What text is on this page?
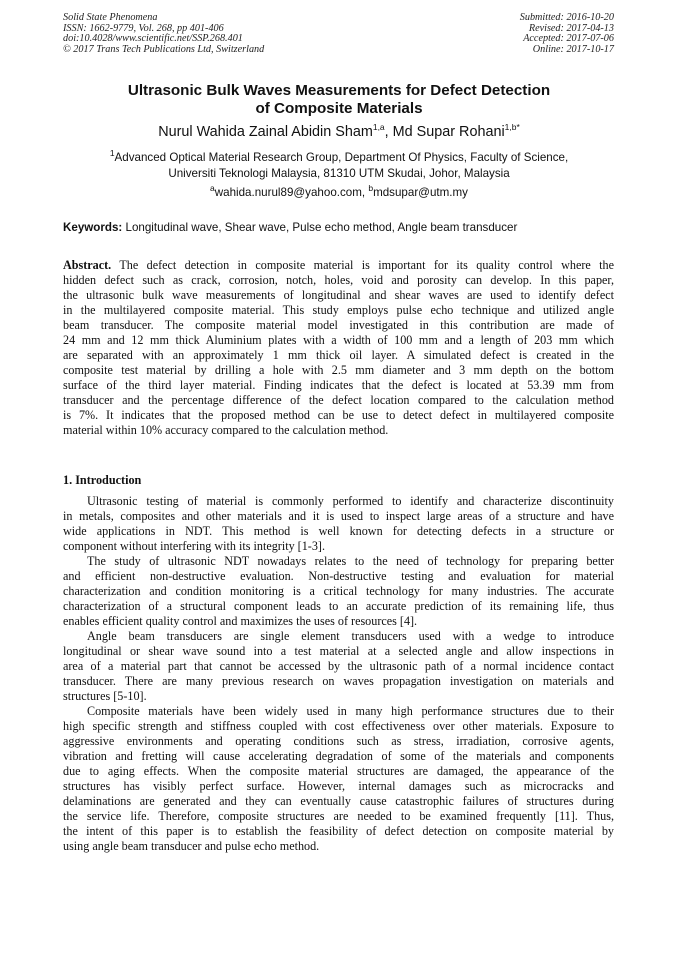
Solid State Phenomena
ISSN: 1662-9779, Vol. 268, pp 401-406
doi:10.4028/www.scientific.net/SSP.268.401
© 2017 Trans Tech Publications Ltd, Switzerland
Submitted: 2016-10-20
Revised: 2017-04-13
Accepted: 2017-07-06
Online: 2017-10-17
Ultrasonic Bulk Waves Measurements for Defect Detection
of Composite Materials
Nurul Wahida Zainal Abidin Sham$^{1,a}$, Md Supar Rohani$^{1,b*}$
$^1$Advanced Optical Material Research Group, Department Of Physics, Faculty of Science,
Universiti Teknologi Malaysia, 81310 UTM Skudai, Johor, Malaysia
$^a$wahida.nurul89@yahoo.com, $^b$mdsupar@utm.my
Keywords: Longitudinal wave, Shear wave, Pulse echo method, Angle beam transducer
Abstract. The defect detection in composite material is important for its quality control where the
hidden defect such as crack, corrosion, notch, holes, void and porosity can develop. In this paper,
the ultrasonic bulk wave measurements of longitudinal and shear waves are used to identify defect
in the multilayered composite material. This study employs pulse echo technique and utilized angle
beam transducer. The composite material model investigated in this contribution are made of
24 mm and 12 mm thick Aluminium plates with a width of 100 mm and a length of 203 mm which
are separated with an approximately 1 mm thick oil layer. A simulated defect is created in the
composite test material by drilling a hole with 2.5 mm diameter and 3 mm depth on the bottom
surface of the third layer material. Finding indicates that the defect is located at 53.39 mm from
transducer and the percentage difference of the defect location compared to the calculation method
is 7%. It indicates that the proposed method can be use to detect defect in multilayered composite
material within 10% accuracy compared to the calculation method.
1. Introduction
Ultrasonic testing of material is commonly performed to identify and characterize discontinuity
in metals, composites and other materials and it is used to inspect large areas of a structure and have
wide applications in NDT. This method is well known for detecting defects in a structure or
component without interfering with its integrity [1-3].
The study of ultrasonic NDT nowadays relates to the need of technology for preparing better
and efficient non-destructive evaluation. Non-destructive testing and evaluation for material
characterization and condition monitoring is a critical technology for many industries. The accurate
characterization of a structural component leads to an accurate prediction of its remaining life, thus
enables efficient quality control and maximizes the uses of resources [4].
Angle beam transducers are single element transducers used with a wedge to introduce
longitudinal or shear wave sound into a test material at a selected angle and allow inspections in
area of a material part that cannot be accessed by the ultrasonic path of a normal incidence contact
transducer. There are many previous research on waves propagation investigation on materials and
structures [5-10].
Composite materials have been widely used in many high performance structures due to their
high specific strength and stiffness coupled with cost effectiveness over other materials. Exposure to
aggressive environments and operating conditions such as stress, irradiation, corrosive agents,
vibration and fretting will cause accelerating degradation of some of the materials and components
due to aging effects. When the composite material structures are damaged, the appearance of the
structures has visibly perfect surface. However, internal damages such as microcracks and
delaminations are generated and they can eventually cause catastrophic failures of structures during
the service life. Therefore, composite structures are needed to be examined frequently [11]. Thus,
the intent of this paper is to establish the feasibility of defect detection on composite material by
using angle beam transducer and pulse echo method.
